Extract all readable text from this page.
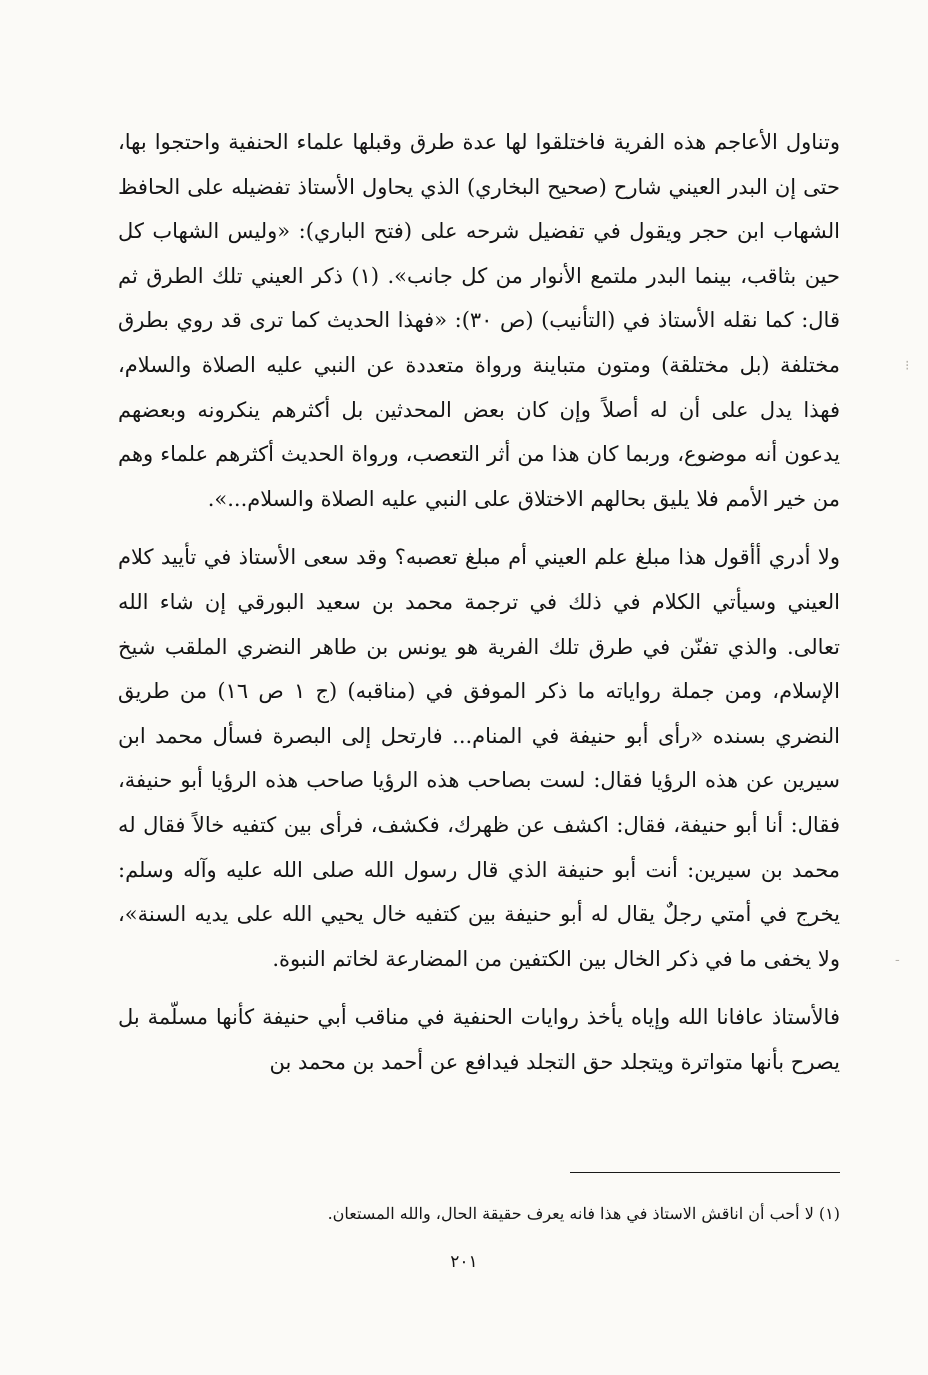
وتناول الأعاجم هذه الفرية فاختلقوا لها عدة طرق وقبلها علماء الحنفية واحتجوا بها، حتى إن البدر العيني شارح (صحيح البخاري) الذي يحاول الأستاذ تفضيله على الحافظ الشهاب ابن حجر ويقول في تفضيل شرحه على (فتح الباري): «وليس الشهاب كل حين بثاقب، بينما البدر ملتمع الأنوار من كل جانب». (١) ذكر العيني تلك الطرق ثم قال: كما نقله الأستاذ في (التأنيب) (ص ٣٠): «فهذا الحديث كما ترى قد روي بطرق مختلفة (بل مختلقة) ومتون متباينة ورواة متعددة عن النبي عليه الصلاة والسلام، فهذا يدل على أن له أصلاً وإن كان بعض المحدثين بل أكثرهم ينكرونه وبعضهم يدعون أنه موضوع، وربما كان هذا من أثر التعصب، ورواة الحديث أكثرهم علماء وهم من خير الأمم فلا يليق بحالهم الاختلاق على النبي عليه الصلاة والسلام...».

ولا أدري أأقول هذا مبلغ علم العيني أم مبلغ تعصبه؟ وقد سعى الأستاذ في تأييد كلام العيني وسيأتي الكلام في ذلك في ترجمة محمد بن سعيد البورقي إن شاء الله تعالى. والذي تفنّن في طرق تلك الفرية هو يونس بن طاهر النضري الملقب شيخ الإسلام، ومن جملة رواياته ما ذكر الموفق في (مناقبه) (ج ١ ص ١٦) من طريق النضري بسنده «رأى أبو حنيفة في المنام... فارتحل إلى البصرة فسأل محمد ابن سيرين عن هذه الرؤيا فقال: لست بصاحب هذه الرؤيا صاحب هذه الرؤيا أبو حنيفة، فقال: أنا أبو حنيفة، فقال: اكشف عن ظهرك، فكشف، فرأى بين كتفيه خالاً فقال له محمد بن سيرين: أنت أبو حنيفة الذي قال رسول الله صلى الله عليه وآله وسلم: يخرج في أمتي رجلٌ يقال له أبو حنيفة بين كتفيه خال يحيي الله على يديه السنة»، ولا يخفى ما في ذكر الخال بين الكتفين من المضارعة لخاتم النبوة.

فالأستاذ عافانا الله وإياه يأخذ روايات الحنفية في مناقب أبي حنيفة كأنها مسلّمة بل يصرح بأنها متواترة ويتجلد حق التجلد فيدافع عن أحمد بن محمد بن

(١) لا أحب أن اناقش الاستاذ في هذا فانه يعرف حقيقة الحال، والله المستعان.
٢٠١
⁝
-
